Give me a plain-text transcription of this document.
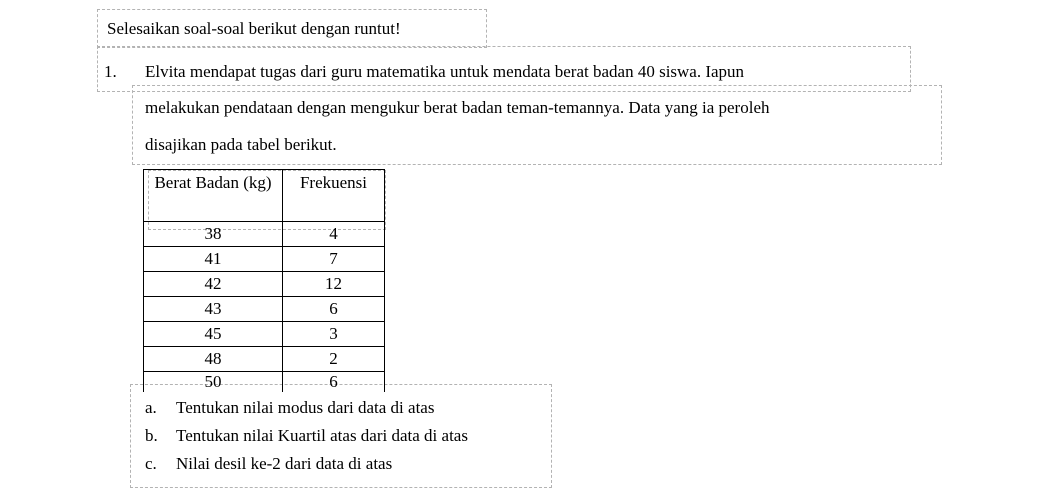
Selesaikan soal-soal berikut dengan runtut!
1. Elvita mendapat tugas dari guru matematika untuk mendata berat badan 40 siswa. Iapun
melakukan pendataan dengan mengukur berat badan teman-temannya. Data yang ia peroleh
disajikan pada tabel berikut.
Berat Badan (kg)	Frekuensi
38	4
41	7
42	12
43	6
45	3
48	2
50	6
a. Tentukan nilai modus dari data di atas
b. Tentukan nilai Kuartil atas dari data di atas
c. Nilai desil ke-2 dari data di atas
